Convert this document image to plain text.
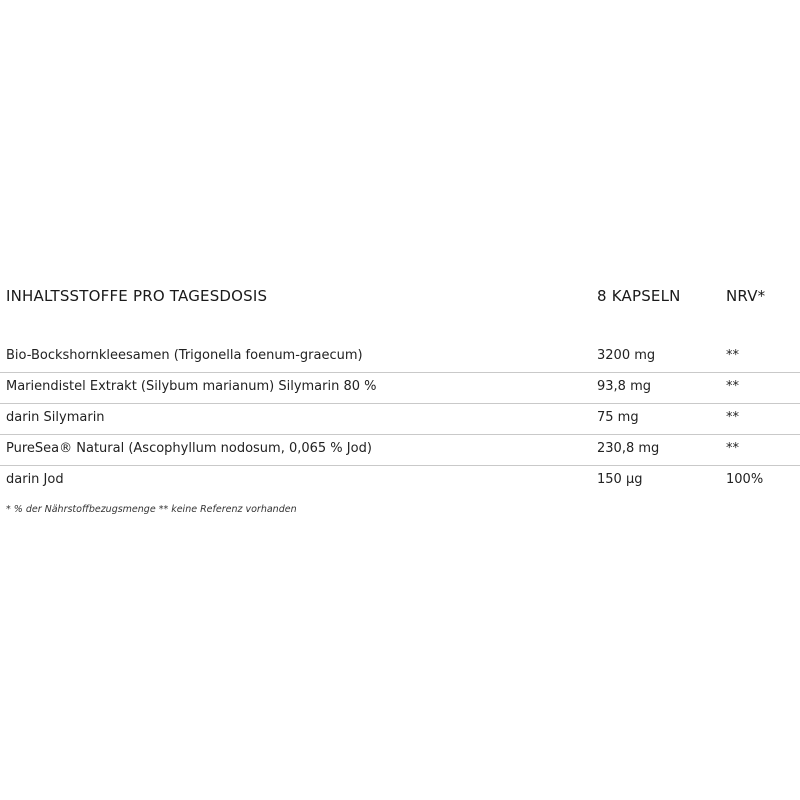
INHALTSSTOFFE PRO TAGESDOSIS	8 KAPSELN	NRV*
Bio-Bockshornkleesamen (Trigonella foenum-graecum)	3200 mg	**
Mariendistel Extrakt (Silybum marianum) Silymarin 80 %	93,8 mg	**
darin Silymarin	75 mg	**
PureSea® Natural (Ascophyllum nodosum, 0,065 % Jod)	230,8 mg	**
darin Jod	150 µg	100%
* % der Nährstoffbezugsmenge ** keine Referenz vorhanden
